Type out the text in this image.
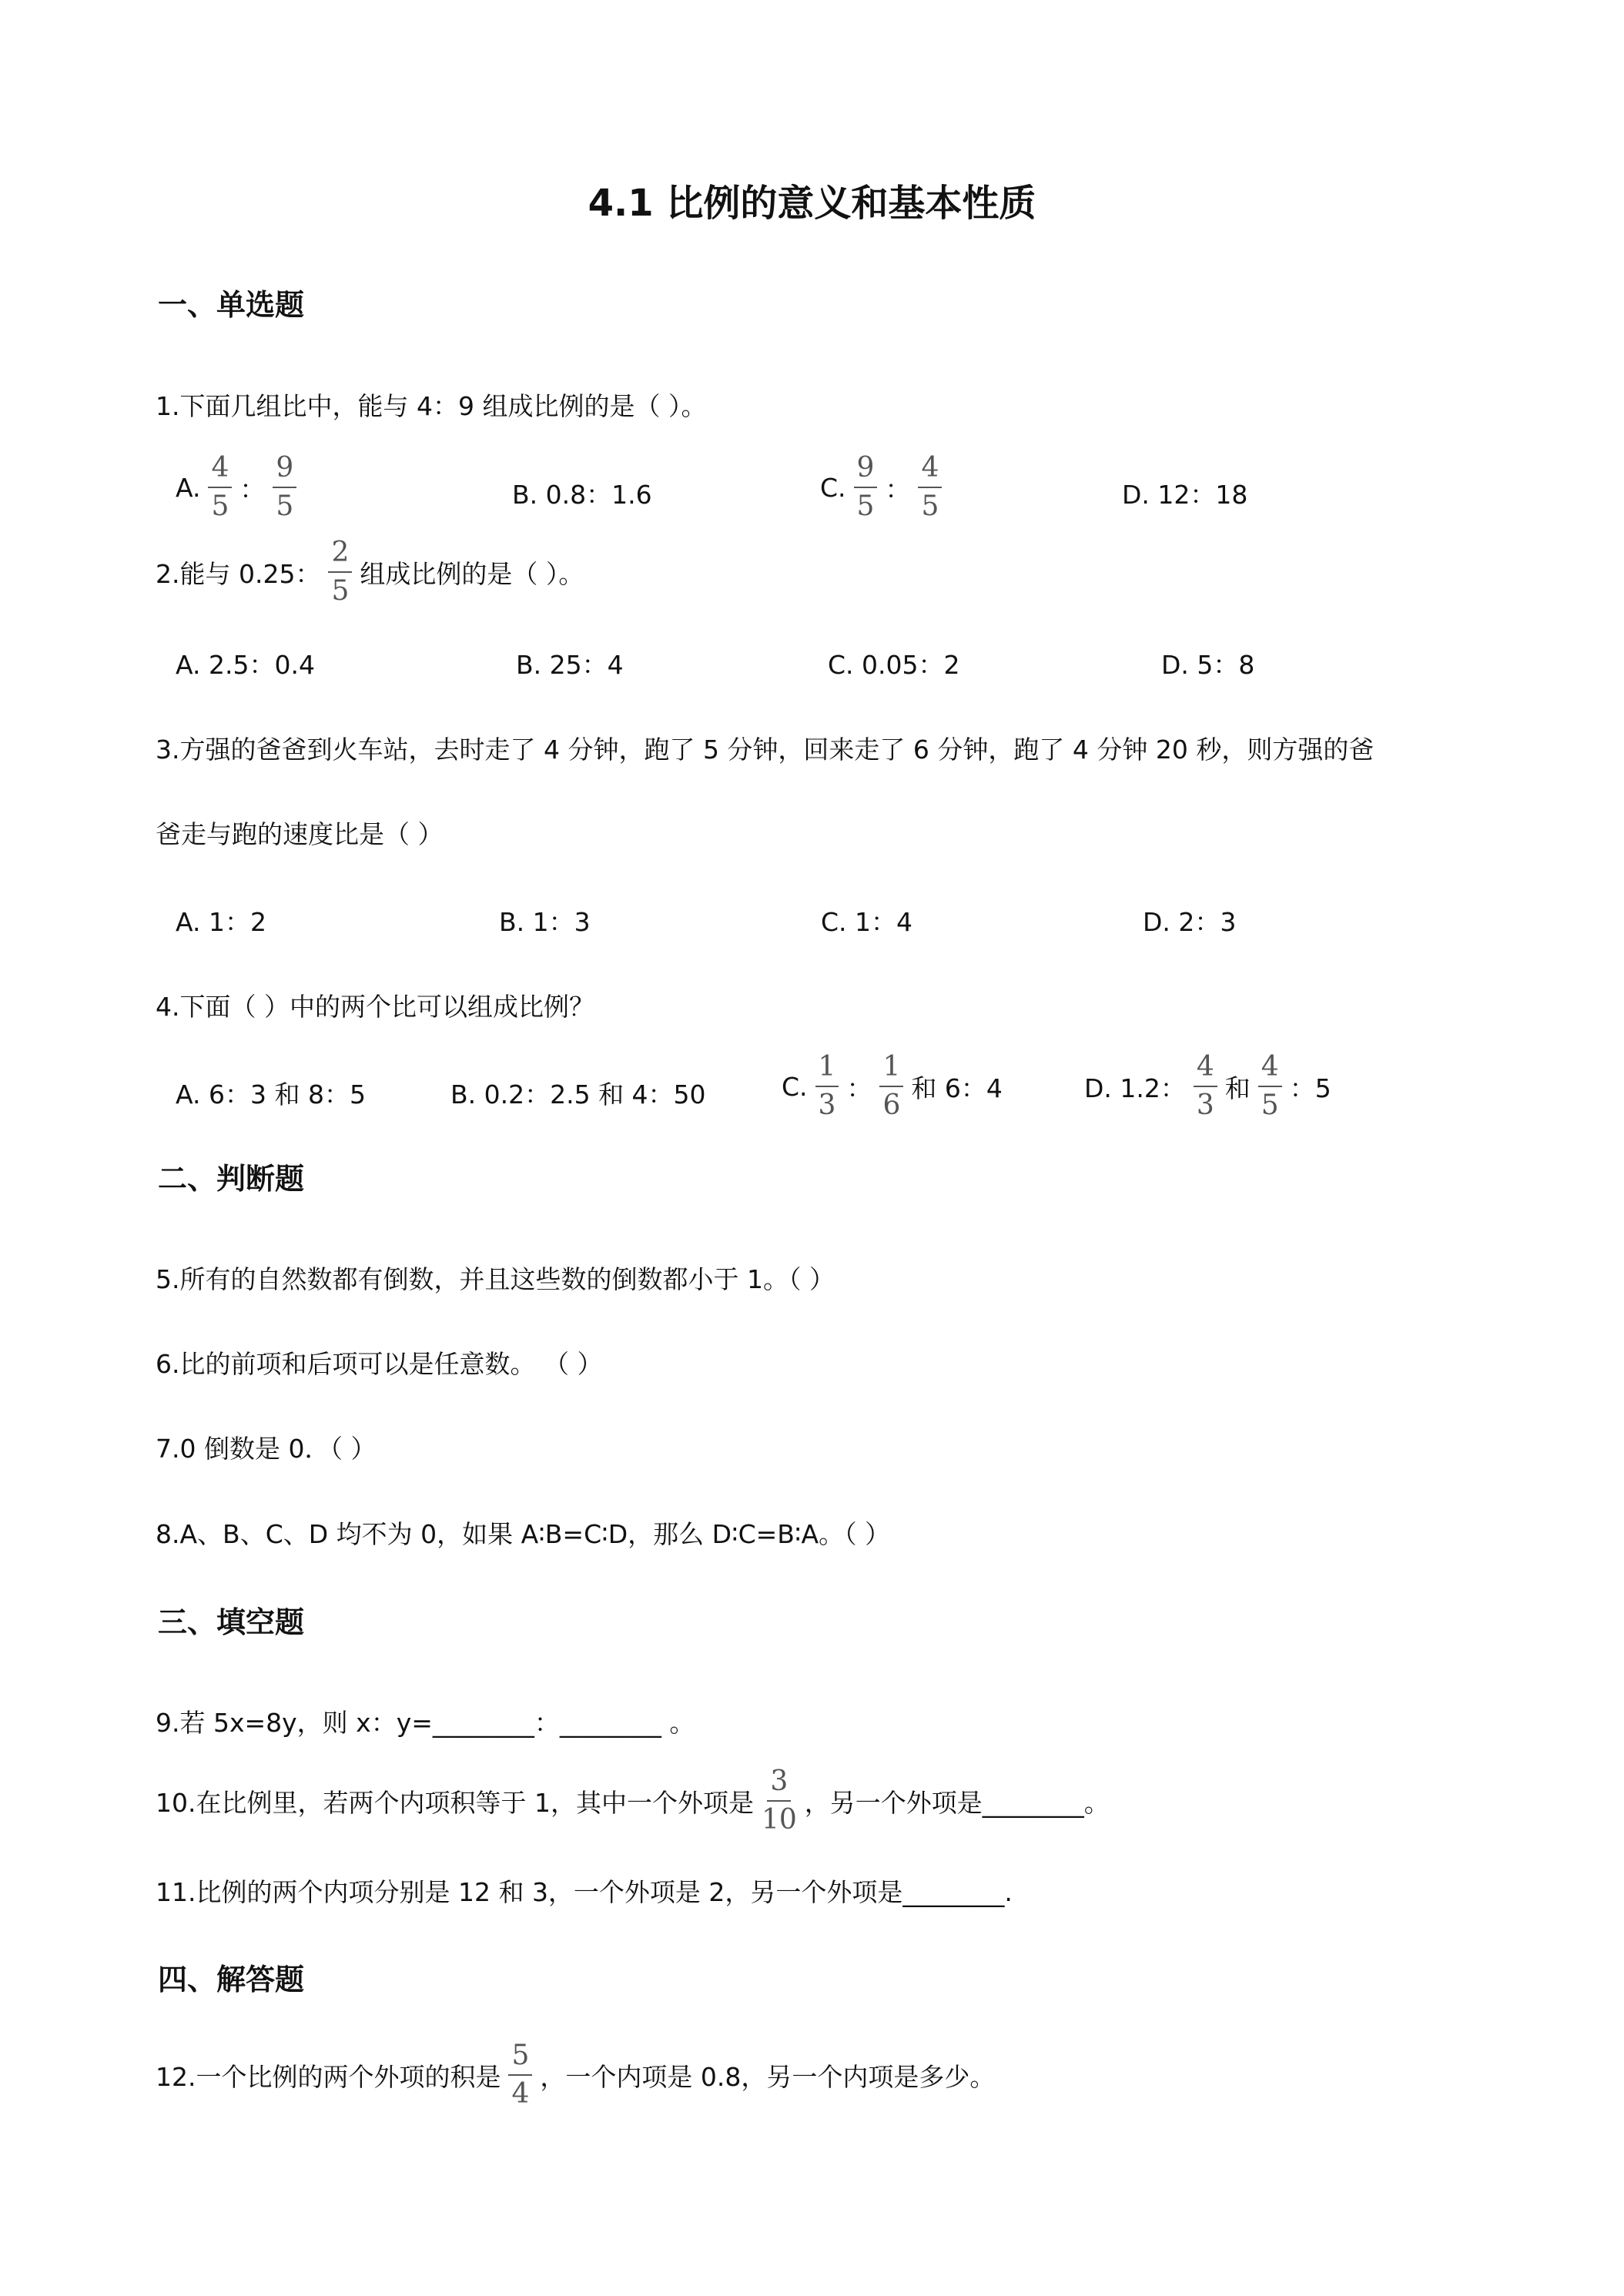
4.1 比例的意义和基本性质
一、单选题
1.下面几组比中，能与 4：9 组成比例的是（ ）。
A. $\frac{4}{5}$ ： $\frac{9}{5}$	B. 0.8：1.6	C. $\frac{9}{5}$ ： $\frac{4}{5}$	D. 12：18
2.能与 0.25： $\frac{2}{5}$ 组成比例的是（ ）。
A. 2.5：0.4	B. 25：4	C. 0.05：2	D. 5：8
3.方强的爸爸到火车站，去时走了 4 分钟，跑了 5 分钟，回来走了 6 分钟，跑了 4 分钟 20 秒，则方强的爸
爸走与跑的速度比是（ ）
A. 1：2	B. 1：3	C. 1：4	D. 2：3
4.下面（ ）中的两个比可以组成比例？
A. 6：3 和 8：5	B. 0.2：2.5 和 4：50	C. $\frac{1}{3}$ ： $\frac{1}{6}$ 和 6：4	D. 1.2： $\frac{4}{3}$ 和 $\frac{4}{5}$ ：5
二、判断题
5.所有的自然数都有倒数，并且这些数的倒数都小于 1。（ ）
6.比的前项和后项可以是任意数。 （ ）
7.0 倒数是 0．（ ）
8.A、B、C、D 均不为 0，如果 A∶B=C∶D，那么 D∶C=B∶A。（ ）
三、填空题
9.若 5x=8y，则 x：y=________：________ 。
10.在比例里，若两个内项积等于 1，其中一个外项是 $\frac{3}{10}$ ，另一个外项是________。
11.比例的两个内项分别是 12 和 3，一个外项是 2，另一个外项是________.
四、解答题
12.一个比例的两个外项的积是 $\frac{5}{4}$ ，一个内项是 0.8，另一个内项是多少。
